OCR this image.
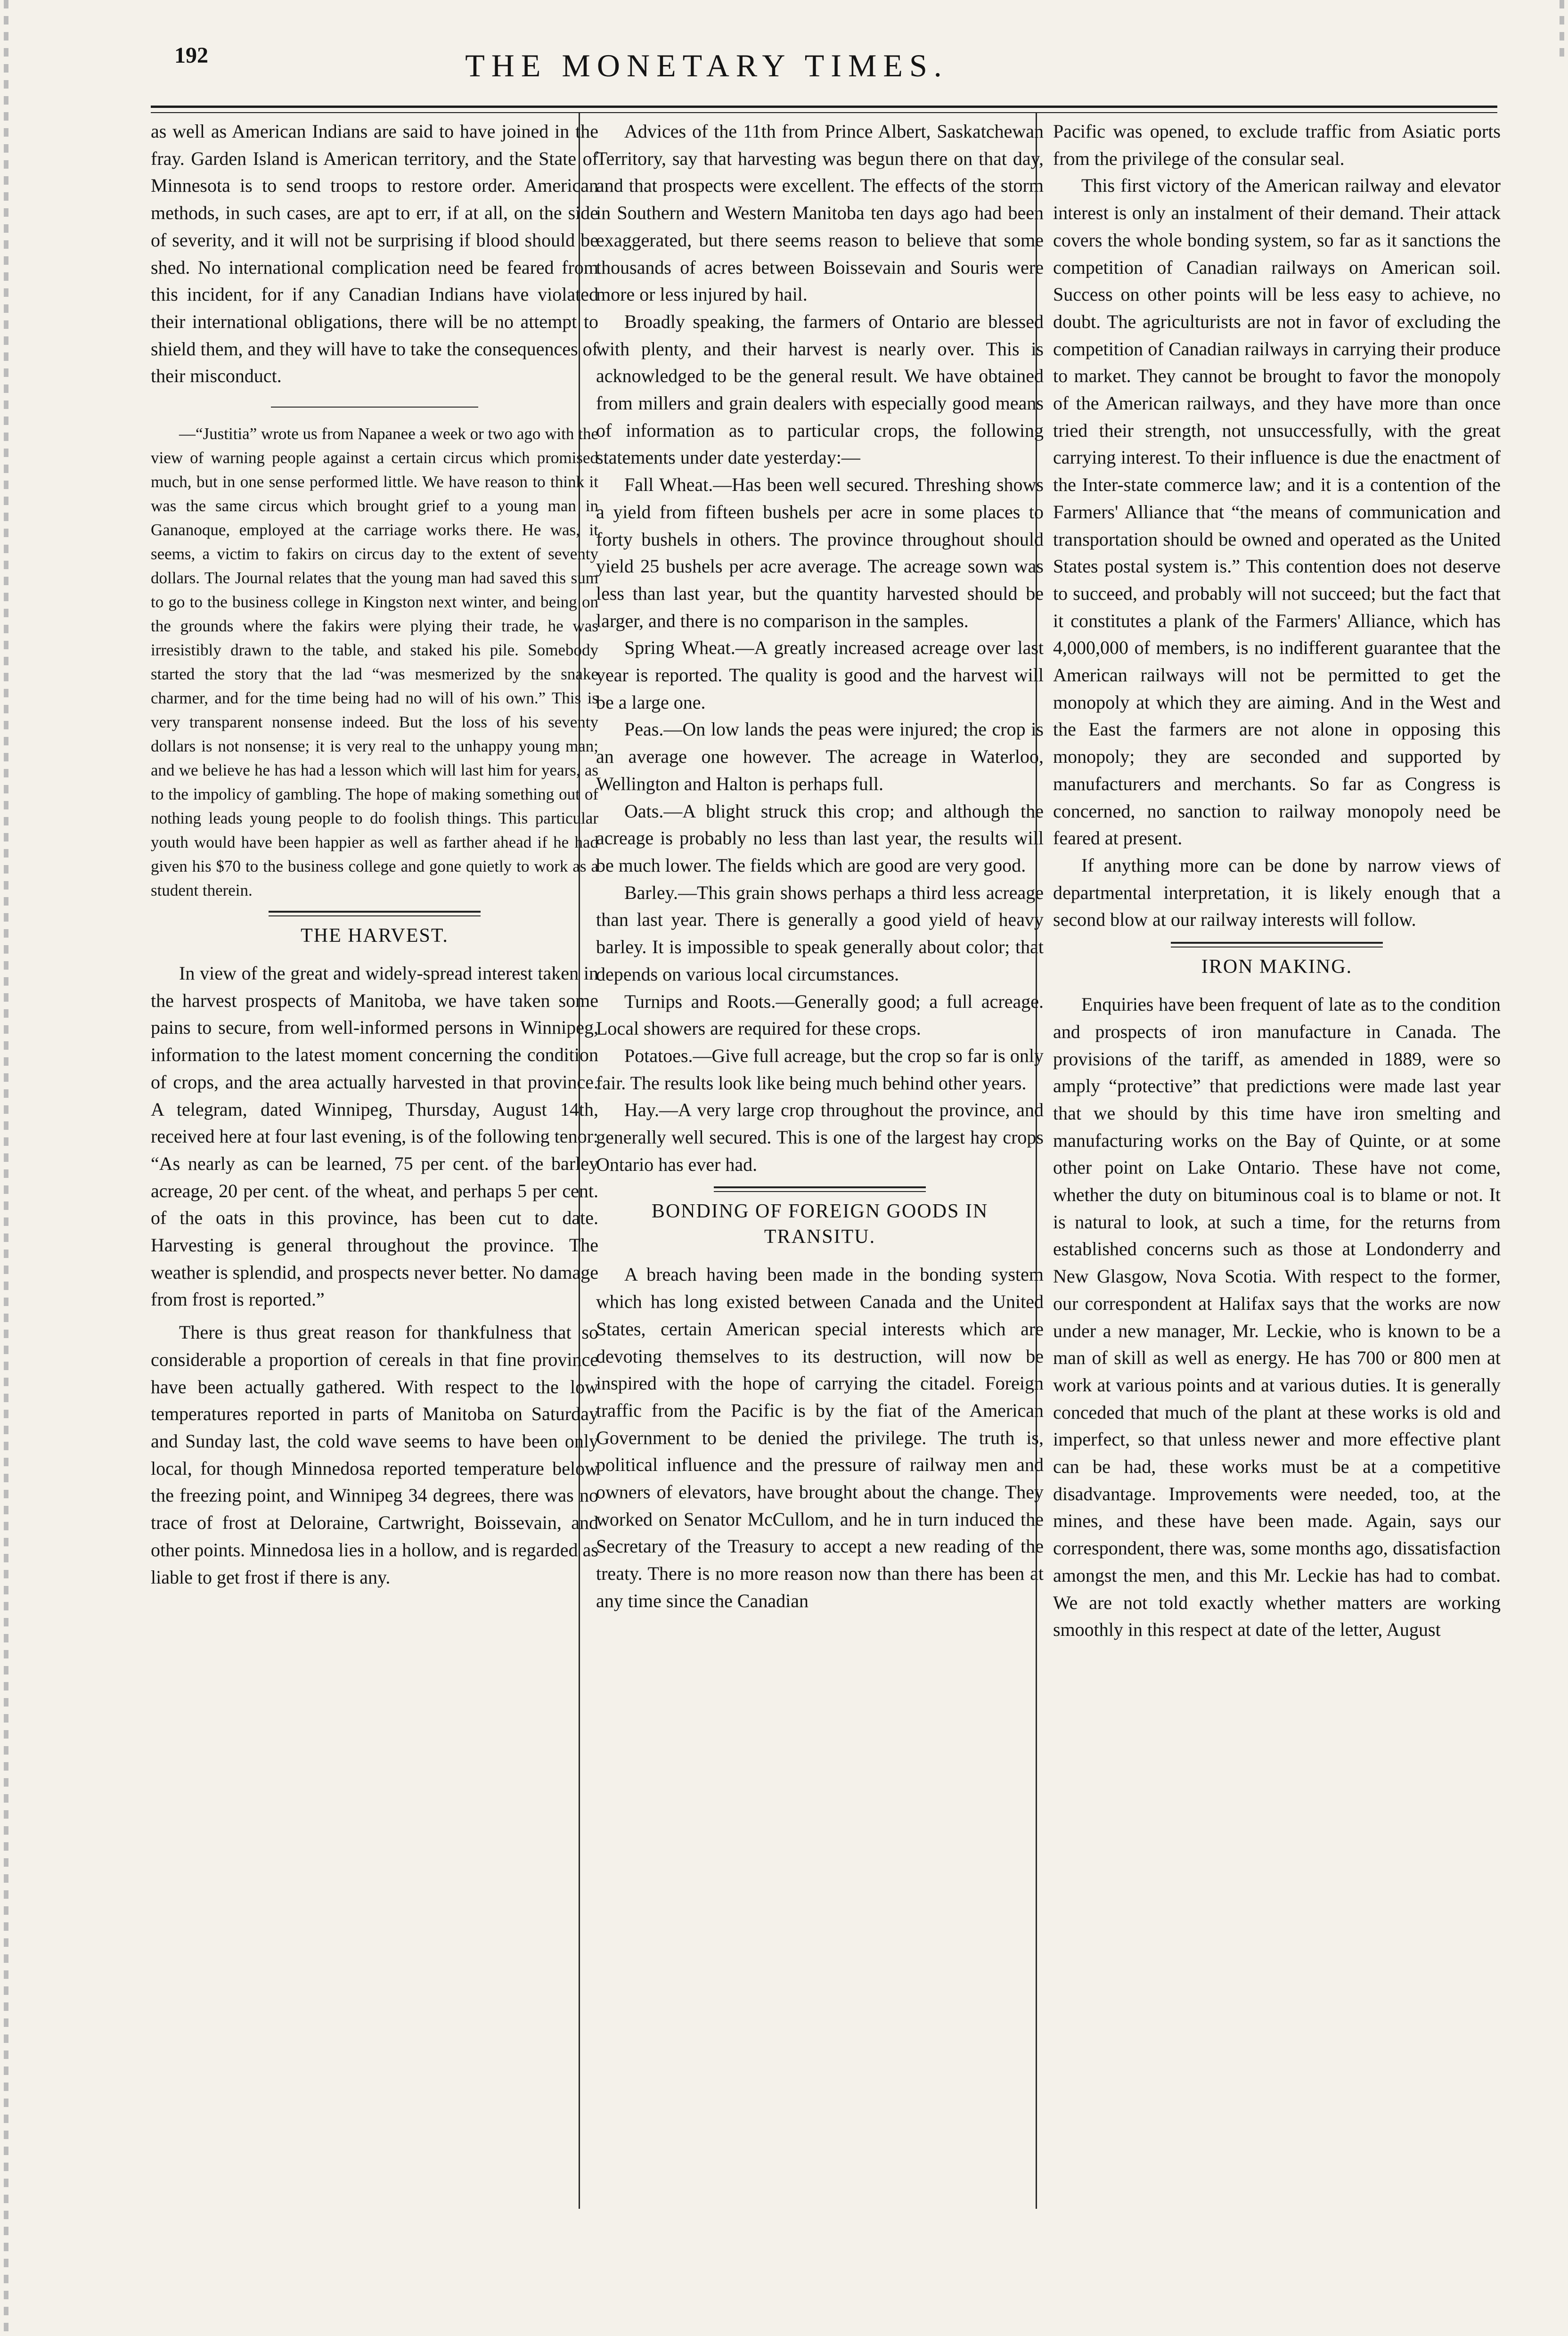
192	THE MONETARY TIMES.

as well as American Indians are said to have joined in the fray. Garden Island is American territory, and the State of Minnesota is to send troops to restore order. American methods, in such cases, are apt to err, if at all, on the side of severity, and it will not be surprising if blood should be shed. No international complication need be feared from this incident, for if any Canadian Indians have violated their international obligations, there will be no attempt to shield them, and they will have to take the consequences of their misconduct.

—“Justitia” wrote us from Napanee a week or two ago with the view of warning people against a certain circus which promised much, but in one sense performed little. We have reason to think it was the same circus which brought grief to a young man in Gananoque, employed at the carriage works there. He was, it seems, a victim to fakirs on circus day to the extent of seventy dollars. The Journal relates that the young man had saved this sum to go to the business college in Kingston next winter, and being on the grounds where the fakirs were plying their trade, he was irresistibly drawn to the table, and staked his pile. Somebody started the story that the lad “was mesmerized by the snake charmer, and for the time being had no will of his own.” This is very transparent nonsense indeed. But the loss of his seventy dollars is not nonsense; it is very real to the unhappy young man; and we believe he has had a lesson which will last him for years, as to the impolicy of gambling. The hope of making something out of nothing leads young people to do foolish things. This particular youth would have been happier as well as farther ahead if he had given his $70 to the business college and gone quietly to work as a student therein.

THE HARVEST.

In view of the great and widely-spread interest taken in the harvest prospects of Manitoba, we have taken some pains to secure, from well-informed persons in Winnipeg, information to the latest moment concerning the condition of crops, and the area actually harvested in that province. A telegram, dated Winnipeg, Thursday, August 14th, received here at four last evening, is of the following tenor: “As nearly as can be learned, 75 per cent. of the barley acreage, 20 per cent. of the wheat, and perhaps 5 per cent. of the oats in this province, has been cut to date. Harvesting is general throughout the province. The weather is splendid, and prospects never better. No damage from frost is reported.”

There is thus great reason for thankfulness that so considerable a proportion of cereals in that fine province have been actually gathered. With respect to the low temperatures reported in parts of Manitoba on Saturday and Sunday last, the cold wave seems to have been only local, for though Minnedosa reported temperature below the freezing point, and Winnipeg 34 degrees, there was no trace of frost at Deloraine, Cartwright, Boissevain, and other points. Minnedosa lies in a hollow, and is regarded as liable to get frost if there is any.

Advices of the 11th from Prince Albert, Saskatchewan Territory, say that harvesting was begun there on that day, and that prospects were excellent. The effects of the storm in Southern and Western Manitoba ten days ago had been exaggerated, but there seems reason to believe that some thousands of acres between Boissevain and Souris were more or less injured by hail.

Broadly speaking, the farmers of Ontario are blessed with plenty, and their harvest is nearly over. This is acknowledged to be the general result. We have obtained from millers and grain dealers with especially good means of information as to particular crops, the following statements under date yesterday:—

Fall Wheat.—Has been well secured. Threshing shows a yield from fifteen bushels per acre in some places to forty bushels in others. The province throughout should yield 25 bushels per acre average. The acreage sown was less than last year, but the quantity harvested should be larger, and there is no comparison in the samples.

Spring Wheat.—A greatly increased acreage over last year is reported. The quality is good and the harvest will be a large one.

Peas.—On low lands the peas were injured; the crop is an average one however. The acreage in Waterloo, Wellington and Halton is perhaps full.

Oats.—A blight struck this crop; and although the acreage is probably no less than last year, the results will be much lower. The fields which are good are very good.

Barley.—This grain shows perhaps a third less acreage than last year. There is generally a good yield of heavy barley. It is impossible to speak generally about color; that depends on various local circumstances.

Turnips and Roots.—Generally good; a full acreage. Local showers are required for these crops.

Potatoes.—Give full acreage, but the crop so far is only fair. The results look like being much behind other years.

Hay.—A very large crop throughout the province, and generally well secured. This is one of the largest hay crops Ontario has ever had.

BONDING OF FOREIGN GOODS IN TRANSITU.

A breach having been made in the bonding system which has long existed between Canada and the United States, certain American special interests which are devoting themselves to its destruction, will now be inspired with the hope of carrying the citadel. Foreign traffic from the Pacific is by the fiat of the American Government to be denied the privilege. The truth is, political influence and the pressure of railway men and owners of elevators, have brought about the change. They worked on Senator McCullom, and he in turn induced the Secretary of the Treasury to accept a new reading of the treaty. There is no more reason now than there has been at any time since the Canadian

Pacific was opened, to exclude traffic from Asiatic ports from the privilege of the consular seal.

This first victory of the American railway and elevator interest is only an instalment of their demand. Their attack covers the whole bonding system, so far as it sanctions the competition of Canadian railways on American soil. Success on other points will be less easy to achieve, no doubt. The agriculturists are not in favor of excluding the competition of Canadian railways in carrying their produce to market. They cannot be brought to favor the monopoly of the American railways, and they have more than once tried their strength, not unsuccessfully, with the great carrying interest. To their influence is due the enactment of the Inter-state commerce law; and it is a contention of the Farmers' Alliance that “the means of communication and transportation should be owned and operated as the United States postal system is.” This contention does not deserve to succeed, and probably will not succeed; but the fact that it constitutes a plank of the Farmers' Alliance, which has 4,000,000 of members, is no indifferent guarantee that the American railways will not be permitted to get the monopoly at which they are aiming. And in the West and the East the farmers are not alone in opposing this monopoly; they are seconded and supported by manufacturers and merchants. So far as Congress is concerned, no sanction to railway monopoly need be feared at present.

If anything more can be done by narrow views of departmental interpretation, it is likely enough that a second blow at our railway interests will follow.

IRON MAKING.

Enquiries have been frequent of late as to the condition and prospects of iron manufacture in Canada. The provisions of the tariff, as amended in 1889, were so amply “protective” that predictions were made last year that we should by this time have iron smelting and manufacturing works on the Bay of Quinte, or at some other point on Lake Ontario. These have not come, whether the duty on bituminous coal is to blame or not. It is natural to look, at such a time, for the returns from established concerns such as those at Londonderry and New Glasgow, Nova Scotia. With respect to the former, our correspondent at Halifax says that the works are now under a new manager, Mr. Leckie, who is known to be a man of skill as well as energy. He has 700 or 800 men at work at various points and at various duties. It is generally conceded that much of the plant at these works is old and imperfect, so that unless newer and more effective plant can be had, these works must be at a competitive disadvantage. Improvements were needed, too, at the mines, and these have been made. Again, says our correspondent, there was, some months ago, dissatisfaction amongst the men, and this Mr. Leckie has had to combat. We are not told exactly whether matters are working smoothly in this respect at date of the letter, August
